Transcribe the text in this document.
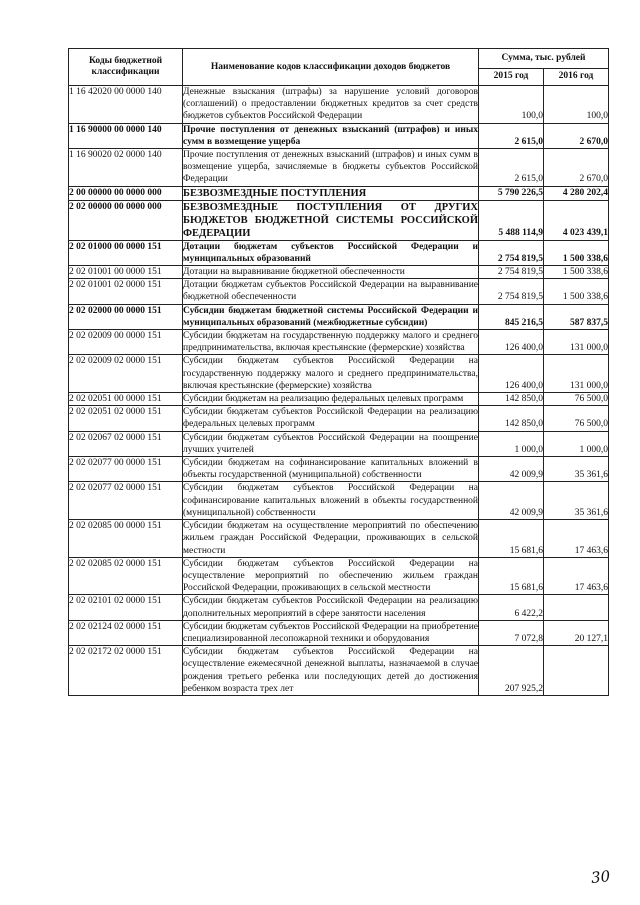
Коды бюджетной классификации	Наименование кодов классификации доходов бюджетов	Сумма, тыс. рублей	
		2015 год	2016 год
1 16 42020 00 0000 140	Денежные взыскания (штрафы) за нарушение условий договоров (соглашений) о предоставлении бюджетных кредитов за счет средств бюджетов субъектов Российской Федерации	100,0	100,0
1 16 90000 00 0000 140	Прочие поступления от денежных взысканий (штрафов) и иных сумм в возмещение ущерба	2 615,0	2 670,0
1 16 90020 02 0000 140	Прочие поступления от денежных взысканий (штрафов) и иных сумм в возмещение ущерба, зачисляемые в бюджеты субъектов Российской Федерации	2 615,0	2 670,0
2 00 00000 00 0000 000	БЕЗВОЗМЕЗДНЫЕ ПОСТУПЛЕНИЯ	5 790 226,5	4 280 202,4
2 02 00000 00 0000 000	БЕЗВОЗМЕЗДНЫЕ ПОСТУПЛЕНИЯ ОТ ДРУГИХ БЮДЖЕТОВ БЮДЖЕТНОЙ СИСТЕМЫ РОССИЙСКОЙ ФЕДЕРАЦИИ	5 488 114,9	4 023 439,1
2 02 01000 00 0000 151	Дотации бюджетам субъектов Российской Федерации и муниципальных образований	2 754 819,5	1 500 338,6
2 02 01001 00 0000 151	Дотации на выравнивание бюджетной обеспеченности	2 754 819,5	1 500 338,6
2 02 01001 02 0000 151	Дотации бюджетам субъектов Российской Федерации на выравнивание бюджетной обеспеченности	2 754 819,5	1 500 338,6
2 02 02000 00 0000 151	Субсидии бюджетам бюджетной системы Российской Федерации и муниципальных образований (межбюджетные субсидии)	845 216,5	587 837,5
2 02 02009 00 0000 151	Субсидии бюджетам на государственную поддержку малого и среднего предпринимательства, включая крестьянские (фермерские) хозяйства	126 400,0	131 000,0
2 02 02009 02 0000 151	Субсидии бюджетам субъектов Российской Федерации на государственную поддержку малого и среднего предпринимательства, включая крестьянские (фермерские) хозяйства	126 400,0	131 000,0
2 02 02051 00 0000 151	Субсидии бюджетам на реализацию федеральных целевых программ	142 850,0	76 500,0
2 02 02051 02 0000 151	Субсидии бюджетам субъектов Российской Федерации на реализацию федеральных целевых программ	142 850,0	76 500,0
2 02 02067 02 0000 151	Субсидии бюджетам субъектов Российской Федерации на поощрение лучших учителей	1 000,0	1 000,0
2 02 02077 00 0000 151	Субсидии бюджетам на софинансирование капитальных вложений в объекты государственной (муниципальной) собственности	42 009,9	35 361,6
2 02 02077 02 0000 151	Субсидии бюджетам субъектов Российской Федерации на софинансирование капитальных вложений в объекты государственной (муниципальной) собственности	42 009,9	35 361,6
2 02 02085 00 0000 151	Субсидии бюджетам на осуществление мероприятий по обеспечению жильем граждан Российской Федерации, проживающих в сельской местности	15 681,6	17 463,6
2 02 02085 02 0000 151	Субсидии бюджетам субъектов Российской Федерации на осуществление мероприятий по обеспечению жильем граждан Российской Федерации, проживающих в сельской местности	15 681,6	17 463,6
2 02 02101 02 0000 151	Субсидии бюджетам субъектов Российской Федерации на реализацию дополнительных мероприятий в сфере занятости населения	6 422,2	
2 02 02124 02 0000 151	Субсидии бюджетам субъектов Российской Федерации на приобретение специализированной лесопожарной техники и оборудования	7 072,8	20 127,1
2 02 02172 02 0000 151	Субсидии бюджетам субъектов Российской Федерации на осуществление ежемесячной денежной выплаты, назначаемой в случае рождения третьего ребенка или последующих детей до достижения ребенком возраста трех лет	207 925,2	
30
